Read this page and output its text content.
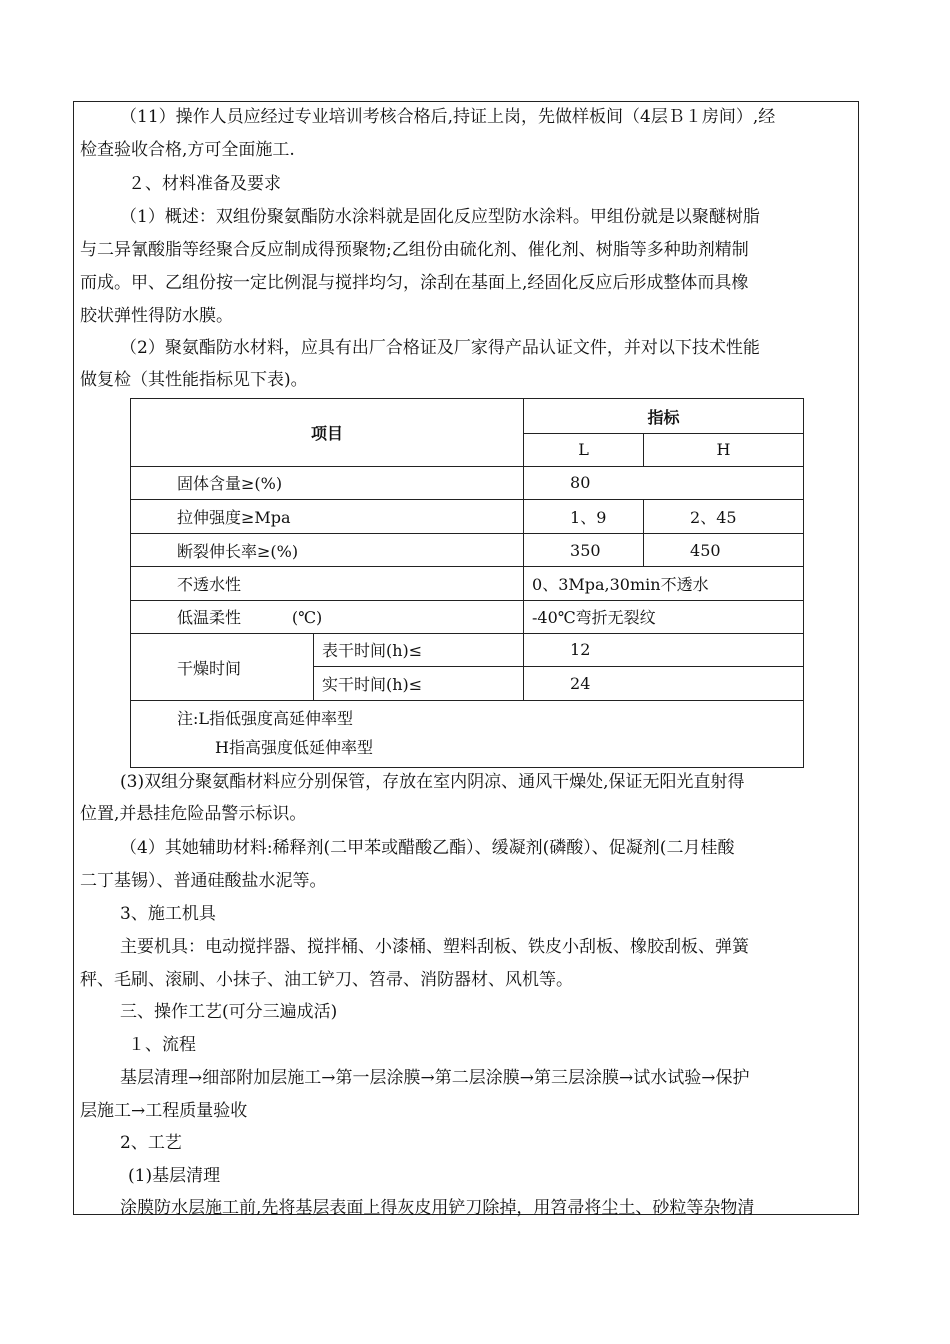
（11）操作人员应经过专业培训考核合格后,持证上岗，先做样板间（4层Ｂ１房间）,经
检查验收合格,方可全面施工.
２、材料准备及要求
（1）概述：双组份聚氨酯防水涂料就是固化反应型防水涂料。甲组份就是以聚醚树脂
与二异氰酸脂等经聚合反应制成得预聚物;乙组份由硫化剂、催化剂、树脂等多种助剂精制
而成。甲、乙组份按一定比例混与搅拌均匀，涂刮在基面上,经固化反应后形成整体而具橡
胶状弹性得防水膜。
（2）聚氨酯防水材料，应具有出厂合格证及厂家得产品认证文件，并对以下技术性能
做复检（其性能指标见下表)。
项目		指标	
		L	H
固体含量≥(%)		80	
拉伸强度≥Mpa		1、9	2、45
断裂伸长率≥(%)		350	450
不透水性		0、3Mpa,30min不透水	
低温柔性          (℃)		-40℃弯折无裂纹	
干燥时间	表干时间(h)≤	12	
	实干时间(h)≤	24	
注:L指低强度高延伸率型
H指高强度低延伸率型			
(3)双组分聚氨酯材料应分别保管，存放在室内阴凉、通风干燥处,保证无阳光直射得
位置,并悬挂危险品警示标识。
（4）其她辅助材料:稀释剂(二甲苯或醋酸乙酯）、缓凝剂(磷酸）、促凝剂(二月桂酸
二丁基锡）、普通硅酸盐水泥等。
3、施工机具
主要机具：电动搅拌器、搅拌桶、小漆桶、塑料刮板、铁皮小刮板、橡胶刮板、弹簧
秤、毛刷、滚刷、小抹子、油工铲刀、笤帚、消防器材、风机等。
三、操作工艺(可分三遍成活)
１、流程
基层清理→细部附加层施工→第一层涂膜→第二层涂膜→第三层涂膜→试水试验→保护
层施工→工程质量验收
2、工艺
(1)基层清理
涂膜防水层施工前,先将基层表面上得灰皮用铲刀除掉，用笤帚将尘土、砂粒等杂物清
